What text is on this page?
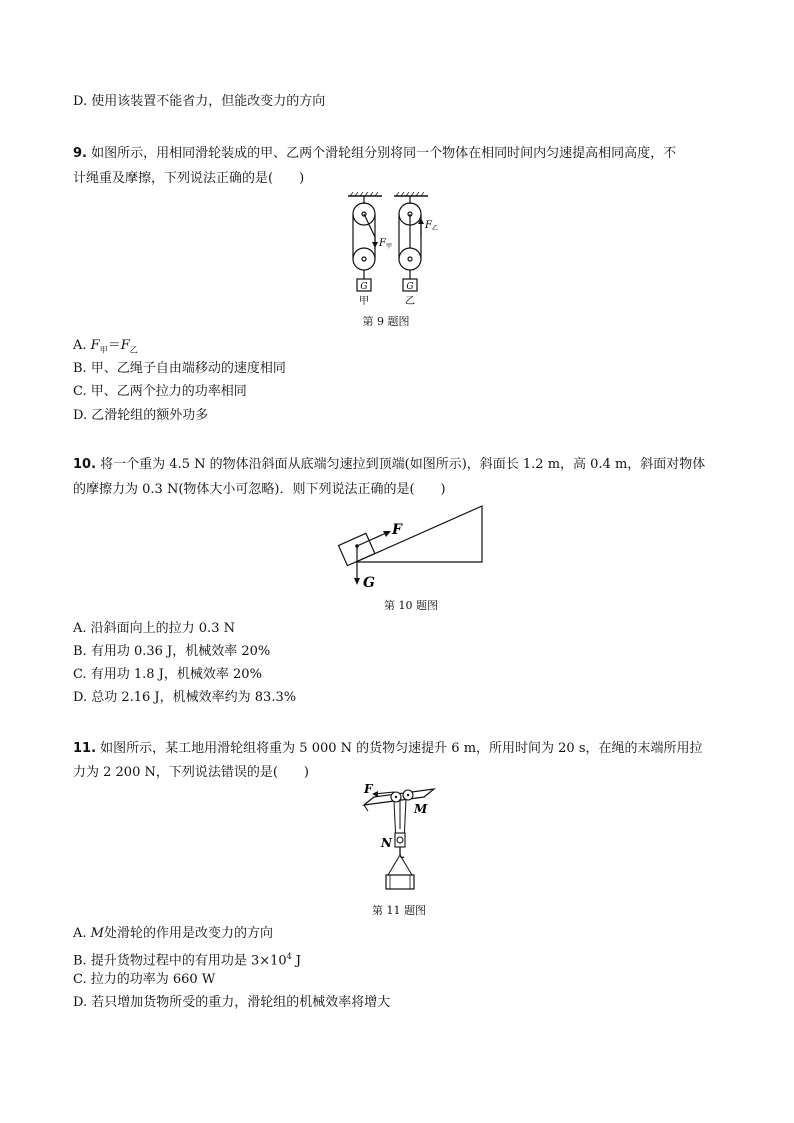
D. 使用该装置不能省力，但能改变力的方向
9. 如图所示，用相同滑轮装成的甲、乙两个滑轮组分别将同一个物体在相同时间内匀速提高相同高度，不
计绳重及摩擦，下列说法正确的是(　　)
$F_甲$
$F_乙$
G	G
甲	乙
第 9 题图
A. $F_甲=F_乙$
B. 甲、乙绳子自由端移动的速度相同
C. 甲、乙两个拉力的功率相同
D. 乙滑轮组的额外功多
10. 将一个重为 4.5 N 的物体沿斜面从底端匀速拉到顶端(如图所示)，斜面长 1.2 m，高 0.4 m，斜面对物体
的摩擦力为 0.3 N(物体大小可忽略)．则下列说法正确的是(　　)
F
G
第 10 题图
A. 沿斜面向上的拉力 0.3 N
B. 有用功 0.36 J，机械效率 20%
C. 有用功 1.8 J，机械效率 20%
D. 总功 2.16 J，机械效率约为 83.3%
11. 如图所示，某工地用滑轮组将重为 5 000 N 的货物匀速提升 6 m，所用时间为 20 s，在绳的末端所用拉
力为 2 200 N，下列说法错误的是(　　)
F
M
N
第 11 题图
A. M处滑轮的作用是改变力的方向
B. 提升货物过程中的有用功是 $3\times 10^4$ J
C. 拉力的功率为 660 W
D. 若只增加货物所受的重力，滑轮组的机械效率将增大
